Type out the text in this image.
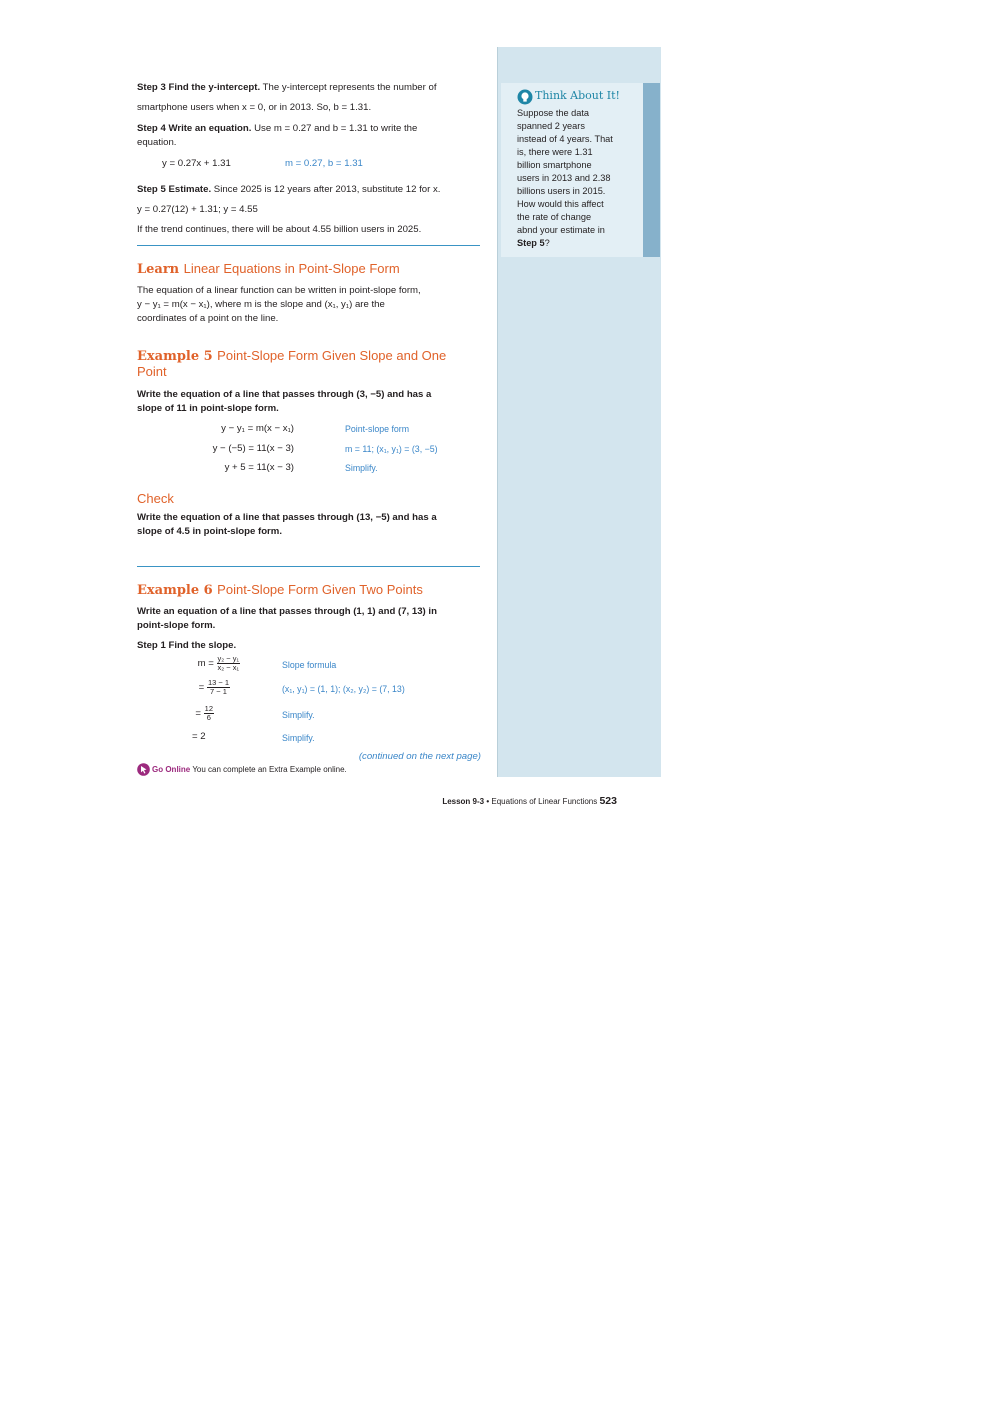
Think About It!
Suppose the data
spanned 2 years
instead of 4 years. That
is, there were 1.31
billion smartphone
users in 2013 and 2.38
billions users in 2015.
How would this affect
the rate of change
abnd your estimate in
Step 5?
Step 3 Find the y-intercept. The y-intercept represents the number of
smartphone users when x = 0, or in 2013. So, b = 1.31.
Step 4 Write an equation. Use m = 0.27 and b = 1.31 to write the
equation.
y = 0.27x + 1.31	m = 0.27, b = 1.31
Step 5 Estimate. Since 2025 is 12 years after 2013, substitute 12 for x.
y = 0.27(12) + 1.31; y = 4.55
If the trend continues, there will be about 4.55 billion users in 2025.
Learn Linear Equations in Point-Slope Form
The equation of a linear function can be written in point-slope form,
y − y₁ = m(x − x₁), where m is the slope and (x₁, y₁) are the
coordinates of a point on the line.
Example 5 Point-Slope Form Given Slope and One
Point
Write the equation of a line that passes through (3, −5) and has a
slope of 11 in point-slope form.
y − y₁ = m(x − x₁)	Point-slope form
y − (−5) = 11(x − 3)	m = 11; (x₁, y₁) = (3, −5)
y + 5 = 11(x − 3)	Simplify.
Check
Write the equation of a line that passes through (13, −5) and has a
slope of 4.5 in point-slope form.
Example 6 Point-Slope Form Given Two Points
Write an equation of a line that passes through (1, 1) and (7, 13) in
point-slope form.
Step 1 Find the slope.
$m = \frac{\text{y₂ − y₁}}{\text{x₂ − x₁}}$	Slope formula
= $\frac{13 - 1}{7 - 1}$	(x₁, y₁) = (1, 1); (x₂, y₂) = (7, 13)
= $\frac{12}{6}$	Simplify.
= 2	Simplify.
(continued on the next page)
Go Online You can complete an Extra Example online.
Lesson 9-3 • Equations of Linear Functions 523
